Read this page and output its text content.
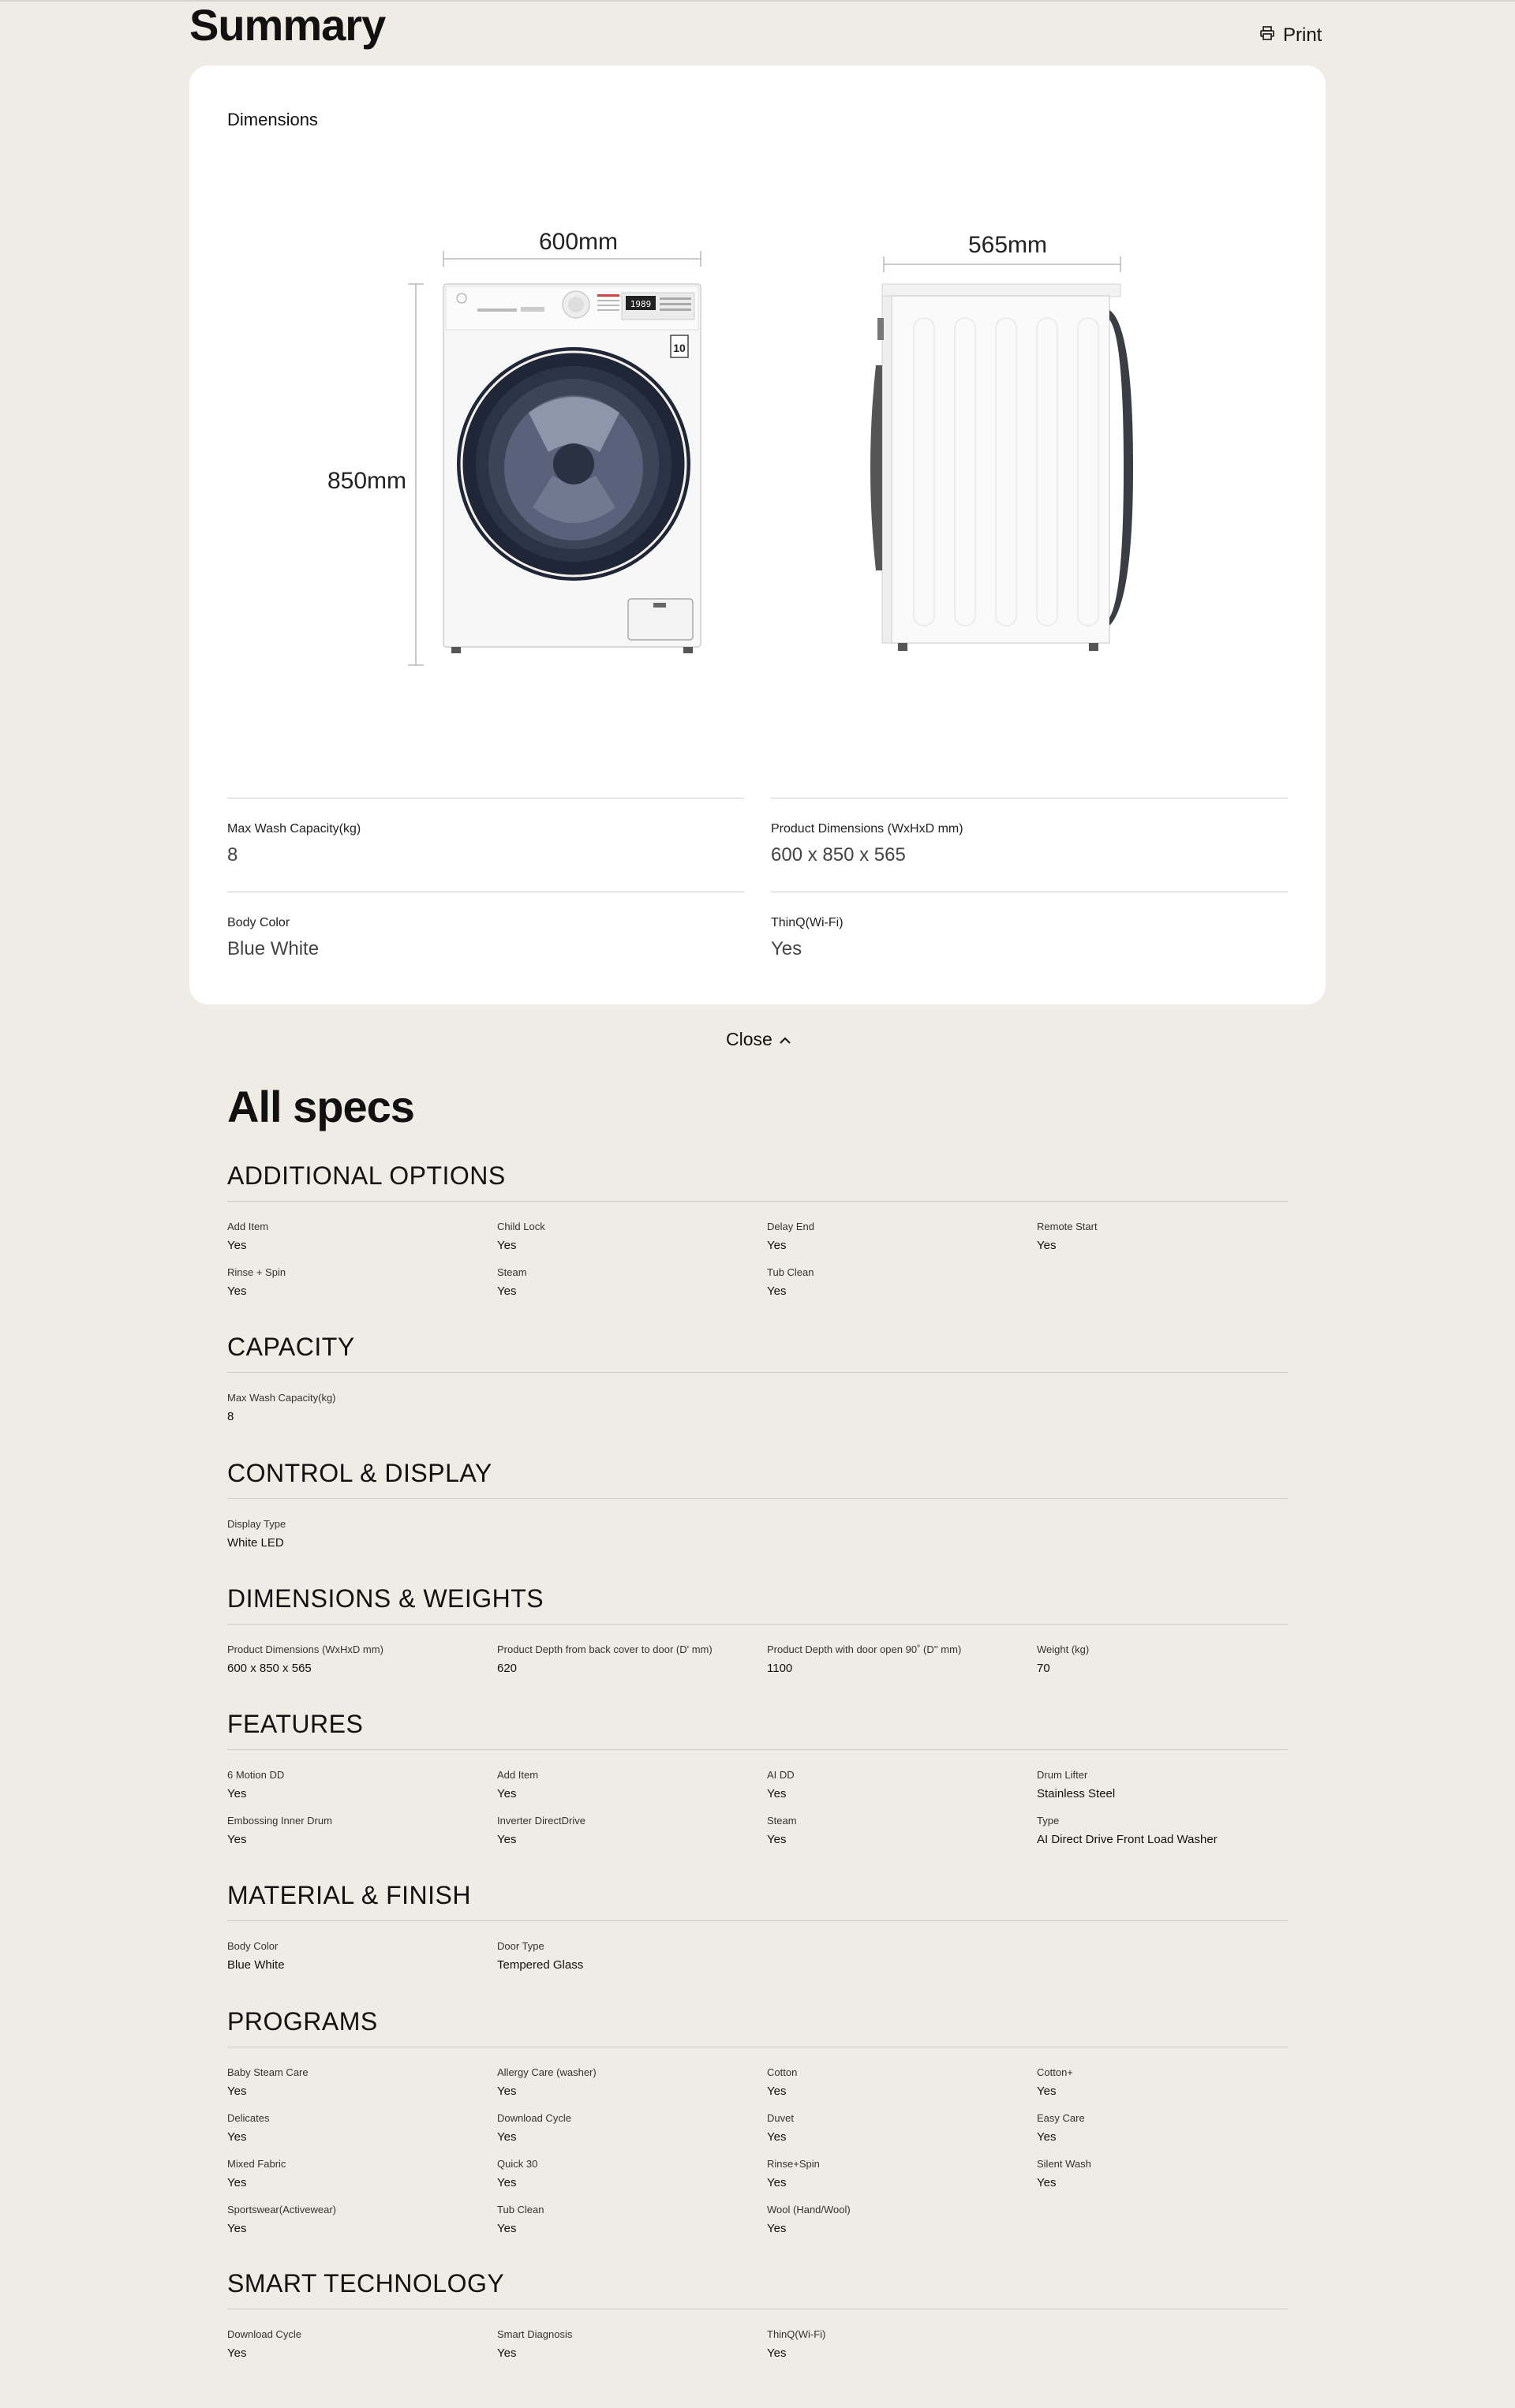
Summary	Print
Dimensions
600mm
850mm
1989
10
565mm
Max Wash Capacity(kg)
8
Product Dimensions (WxHxD mm)
600 x 850 x 565
Body Color
Blue White
ThinQ(Wi-Fi)
Yes
Close
All specs
ADDITIONAL OPTIONS
Add Item
Yes
Child Lock
Yes
Delay End
Yes
Remote Start
Yes
Rinse + Spin
Yes
Steam
Yes
Tub Clean
Yes
CAPACITY
Max Wash Capacity(kg)
8
CONTROL & DISPLAY
Display Type
White LED
DIMENSIONS & WEIGHTS
Product Dimensions (WxHxD mm)
600 x 850 x 565
Product Depth from back cover to door (D' mm)
620
Product Depth with door open 90˚ (D'' mm)
1100
Weight (kg)
70
FEATURES
6 Motion DD
Yes
Add Item
Yes
AI DD
Yes
Drum Lifter
Stainless Steel
Embossing Inner Drum
Yes
Inverter DirectDrive
Yes
Steam
Yes
Type
AI Direct Drive Front Load Washer
MATERIAL & FINISH
Body Color
Blue White
Door Type
Tempered Glass
PROGRAMS
Baby Steam Care
Yes
Allergy Care (washer)
Yes
Cotton
Yes
Cotton+
Yes
Delicates
Yes
Download Cycle
Yes
Duvet
Yes
Easy Care
Yes
Mixed Fabric
Yes
Quick 30
Yes
Rinse+Spin
Yes
Silent Wash
Yes
Sportswear(Activewear)
Yes
Tub Clean
Yes
Wool (Hand/Wool)
Yes
SMART TECHNOLOGY
Download Cycle
Yes
Smart Diagnosis
Yes
ThinQ(Wi-Fi)
Yes
